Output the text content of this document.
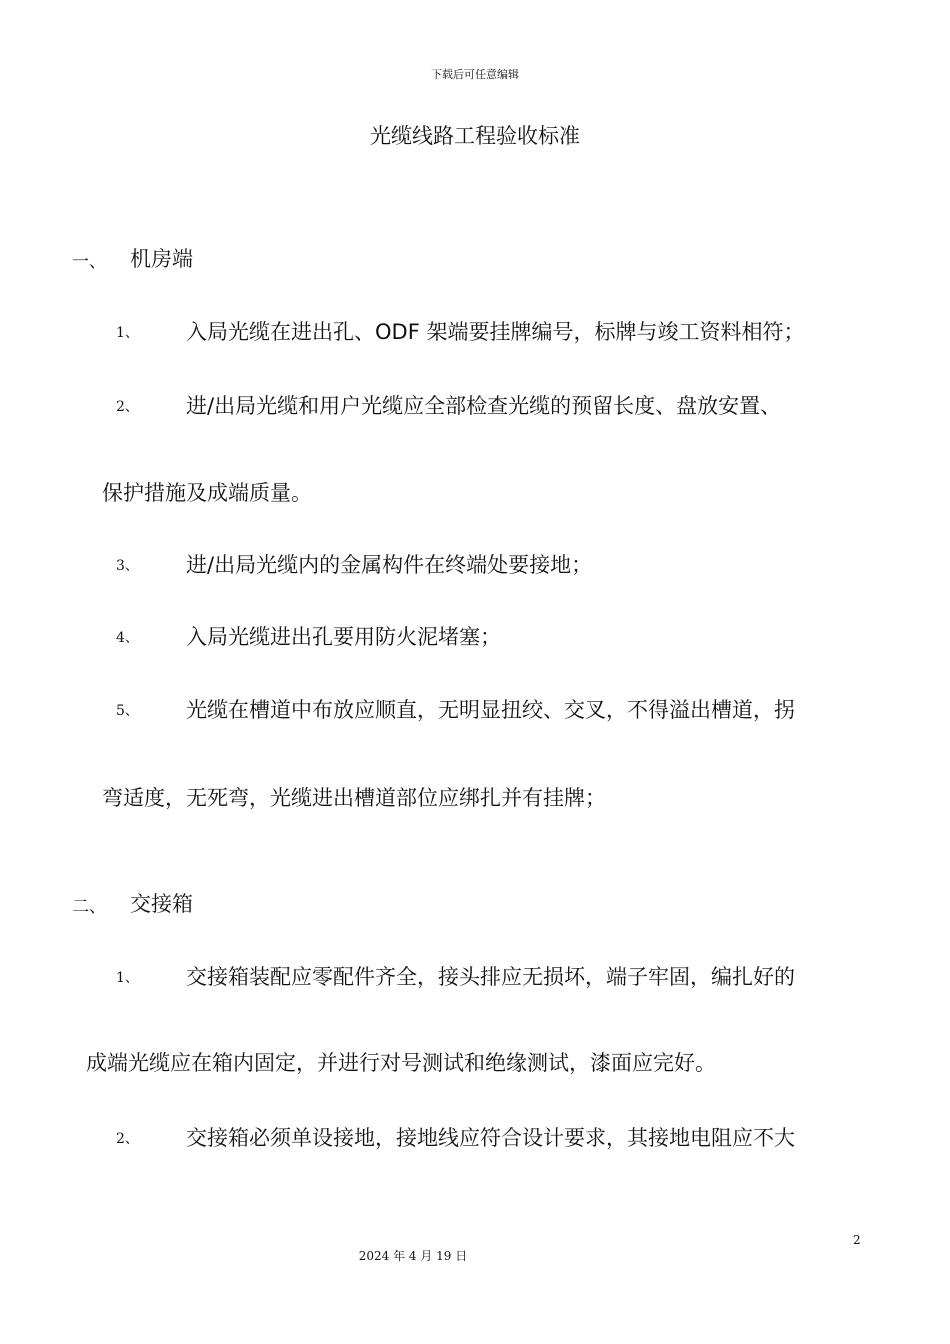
下载后可任意编辑
光缆线路工程验收标准
一、 机房端
1、 入局光缆在进出孔、ODF 架端要挂牌编号，标牌与竣工资料相符；
2、 进/出局光缆和用户光缆应全部检查光缆的预留长度、盘放安置、
保护措施及成端质量。
3、 进/出局光缆内的金属构件在终端处要接地；
4、 入局光缆进出孔要用防火泥堵塞；
5、 光缆在槽道中布放应顺直，无明显扭绞、交叉，不得溢出槽道，拐
弯适度，无死弯，光缆进出槽道部位应绑扎并有挂牌；
二、 交接箱
1、 交接箱装配应零配件齐全，接头排应无损坏，端子牢固，编扎好的
成端光缆应在箱内固定，并进行对号测试和绝缘测试，漆面应完好。
2、 交接箱必须单设接地，接地线应符合设计要求，其接地电阻应不大
2
2024 年 4 月 19 日
